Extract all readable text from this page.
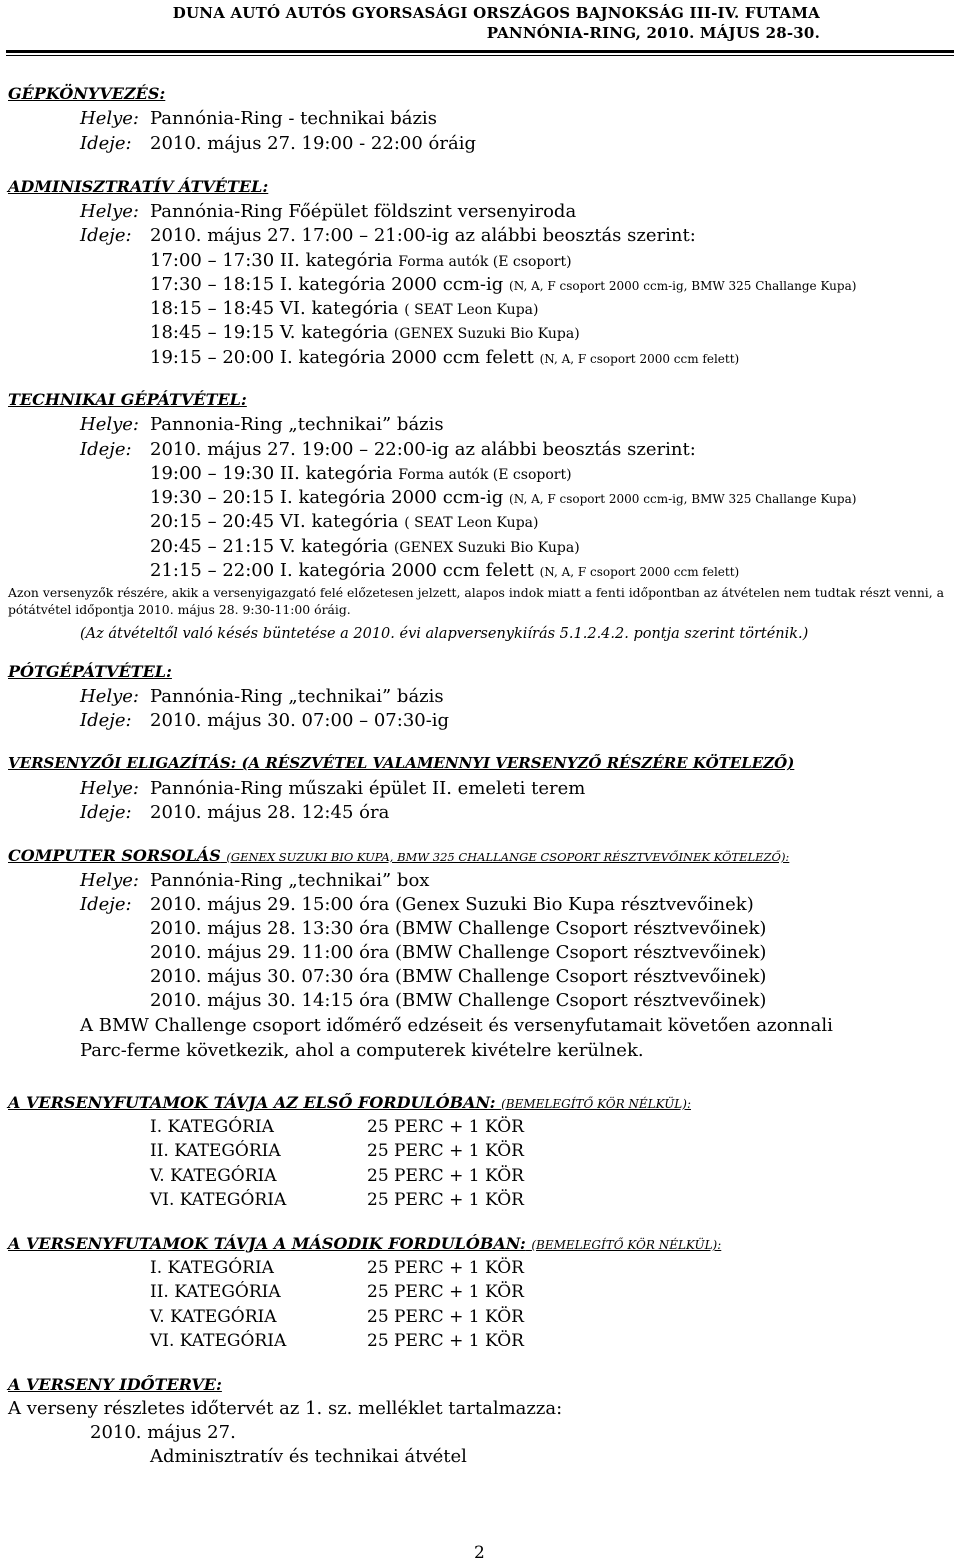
DUNA AUTÓ AUTÓS GYORSASÁGI ORSZÁGOS BAJNOKSÁG III-IV. FUTAMA
PANNÓNIA-RING, 2010. MÁJUS 28-30.
GÉPKÖNYVEZÉS:
Helye: Pannónia-Ring - technikai bázis
Ideje: 2010. május 27. 19:00 - 22:00 óráig
ADMINISZTRATÍV ÁTVÉTEL:
Helye: Pannónia-Ring Főépület földszint versenyiroda
Ideje: 2010. május 27. 17:00 – 21:00-ig az alábbi beosztás szerint:
17:00 – 17:30 II. kategória Forma autók (E csoport)
17:30 – 18:15 I. kategória 2000 ccm-ig (N, A, F csoport 2000 ccm-ig, BMW 325 Challange Kupa)
18:15 – 18:45 VI. kategória ( SEAT Leon Kupa)
18:45 – 19:15 V. kategória (GENEX Suzuki Bio Kupa)
19:15 – 20:00 I. kategória 2000 ccm felett (N, A, F csoport 2000 ccm felett)
TECHNIKAI GÉPÁTVÉTEL:
Helye: Pannonia-Ring „technikai” bázis
Ideje: 2010. május 27. 19:00 – 22:00-ig az alábbi beosztás szerint:
19:00 – 19:30 II. kategória Forma autók (E csoport)
19:30 – 20:15 I. kategória 2000 ccm-ig (N, A, F csoport 2000 ccm-ig, BMW 325 Challange Kupa)
20:15 – 20:45 VI. kategória ( SEAT Leon Kupa)
20:45 – 21:15 V. kategória (GENEX Suzuki Bio Kupa)
21:15 – 22:00 I. kategória 2000 ccm felett (N, A, F csoport 2000 ccm felett)
Azon versenyzők részére, akik a versenyigazgató felé előzetesen jelzett, alapos indok miatt a fenti időpontban az átvételen nem tudtak részt venni, a pótátvétel időpontja 2010. május 28. 9:30-11:00 óráig.
(Az átvételtől való késés büntetése a 2010. évi alapversenykiírás 5.1.2.4.2. pontja szerint történik.)
PÓTGÉPÁTVÉTEL:
Helye: Pannónia-Ring „technikai” bázis
Ideje: 2010. május 30. 07:00 – 07:30-ig
VERSENYZŐI ELIGAZÍTÁS: (A RÉSZVÉTEL VALAMENNYI VERSENYZŐ RÉSZÉRE KÖTELEZŐ)
Helye: Pannónia-Ring műszaki épület II. emeleti terem
Ideje: 2010. május 28. 12:45 óra
COMPUTER SORSOLÁS (GENEX SUZUKI BIO KUPA, BMW 325 CHALLANGE CSOPORT RÉSZTVEVŐINEK KÖTELEZŐ):
Helye: Pannónia-Ring „technikai” box
Ideje: 2010. május 29. 15:00 óra (Genex Suzuki Bio Kupa résztvevőinek)
2010. május 28. 13:30 óra (BMW Challenge Csoport résztvevőinek)
2010. május 29. 11:00 óra (BMW Challenge Csoport résztvevőinek)
2010. május 30. 07:30 óra (BMW Challenge Csoport résztvevőinek)
2010. május 30. 14:15 óra (BMW Challenge Csoport résztvevőinek)
A BMW Challenge csoport időmérő edzéseit és versenyfutamait követően azonnali
Parc-ferme következik, ahol a computerek kivételre kerülnek.
A VERSENYFUTAMOK TÁVJA AZ ELSŐ FORDULÓBAN: (BEMELEGÍTŐ KÖR NÉLKÜL):
I. KATEGÓRIA	25 PERC + 1 KÖR
II. KATEGÓRIA	25 PERC + 1 KÖR
V. KATEGÓRIA	25 PERC + 1 KÖR
VI. KATEGÓRIA	25 PERC + 1 KÖR
A VERSENYFUTAMOK TÁVJA A MÁSODIK FORDULÓBAN: (BEMELEGÍTŐ KÖR NÉLKÜL):
I. KATEGÓRIA	25 PERC + 1 KÖR
II. KATEGÓRIA	25 PERC + 1 KÖR
V. KATEGÓRIA	25 PERC + 1 KÖR
VI. KATEGÓRIA	25 PERC + 1 KÖR
A VERSENY IDŐTERVE:
A verseny részletes időtervét az 1. sz. melléklet tartalmazza:
2010. május 27.
Adminisztratív és technikai átvétel
2
